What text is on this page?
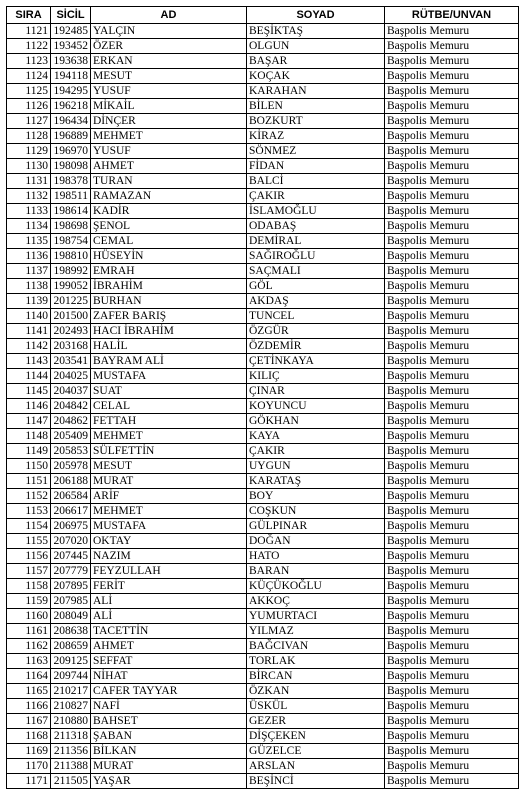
SIRA	SİCİL	AD	SOYAD	RÜTBE/UNVAN
1121	192485	YALÇIN	BEŞİKTAŞ	Başpolis Memuru
1122	193452	ÖZER	OLGUN	Başpolis Memuru
1123	193638	ERKAN	BAŞAR	Başpolis Memuru
1124	194118	MESUT	KOÇAK	Başpolis Memuru
1125	194295	YUSUF	KARAHAN	Başpolis Memuru
1126	196218	MİKAİL	BİLEN	Başpolis Memuru
1127	196434	DİNÇER	BOZKURT	Başpolis Memuru
1128	196889	MEHMET	KİRAZ	Başpolis Memuru
1129	196970	YUSUF	SÖNMEZ	Başpolis Memuru
1130	198098	AHMET	FİDAN	Başpolis Memuru
1131	198378	TURAN	BALCİ	Başpolis Memuru
1132	198511	RAMAZAN	ÇAKIR	Başpolis Memuru
1133	198614	KADİR	İSLAMOĞLU	Başpolis Memuru
1134	198698	ŞENOL	ODABAŞ	Başpolis Memuru
1135	198754	CEMAL	DEMİRAL	Başpolis Memuru
1136	198810	HÜSEYİN	SAĞIROĞLU	Başpolis Memuru
1137	198992	EMRAH	SAÇMALI	Başpolis Memuru
1138	199052	İBRAHİM	GÖL	Başpolis Memuru
1139	201225	BURHAN	AKDAŞ	Başpolis Memuru
1140	201500	ZAFER BARIŞ	TUNCEL	Başpolis Memuru
1141	202493	HACI İBRAHİM	ÖZGÜR	Başpolis Memuru
1142	203168	HALİL	ÖZDEMİR	Başpolis Memuru
1143	203541	BAYRAM ALİ	ÇETİNKAYA	Başpolis Memuru
1144	204025	MUSTAFA	KILIÇ	Başpolis Memuru
1145	204037	SUAT	ÇINAR	Başpolis Memuru
1146	204842	CELAL	KOYUNCU	Başpolis Memuru
1147	204862	FETTAH	GÖKHAN	Başpolis Memuru
1148	205409	MEHMET	KAYA	Başpolis Memuru
1149	205853	SÜLFETTİN	ÇAKIR	Başpolis Memuru
1150	205978	MESUT	UYGUN	Başpolis Memuru
1151	206188	MURAT	KARATAŞ	Başpolis Memuru
1152	206584	ARİF	BOY	Başpolis Memuru
1153	206617	MEHMET	COŞKUN	Başpolis Memuru
1154	206975	MUSTAFA	GÜLPINAR	Başpolis Memuru
1155	207020	OKTAY	DOĞAN	Başpolis Memuru
1156	207445	NAZIM	HATO	Başpolis Memuru
1157	207779	FEYZULLAH	BARAN	Başpolis Memuru
1158	207895	FERİT	KÜÇÜKOĞLU	Başpolis Memuru
1159	207985	ALİ	AKKOÇ	Başpolis Memuru
1160	208049	ALİ	YUMURTACI	Başpolis Memuru
1161	208638	TACETTİN	YILMAZ	Başpolis Memuru
1162	208659	AHMET	BAĞCIVAN	Başpolis Memuru
1163	209125	SEFFAT	TORLAK	Başpolis Memuru
1164	209744	NİHAT	BİRCAN	Başpolis Memuru
1165	210217	CAFER TAYYAR	ÖZKAN	Başpolis Memuru
1166	210827	NAFİ	ÜSKÜL	Başpolis Memuru
1167	210880	BAHSET	GEZER	Başpolis Memuru
1168	211318	ŞABAN	DİŞÇEKEN	Başpolis Memuru
1169	211356	BİLKAN	GÜZELCE	Başpolis Memuru
1170	211388	MURAT	ARSLAN	Başpolis Memuru
1171	211505	YAŞAR	BEŞİNCİ	Başpolis Memuru
